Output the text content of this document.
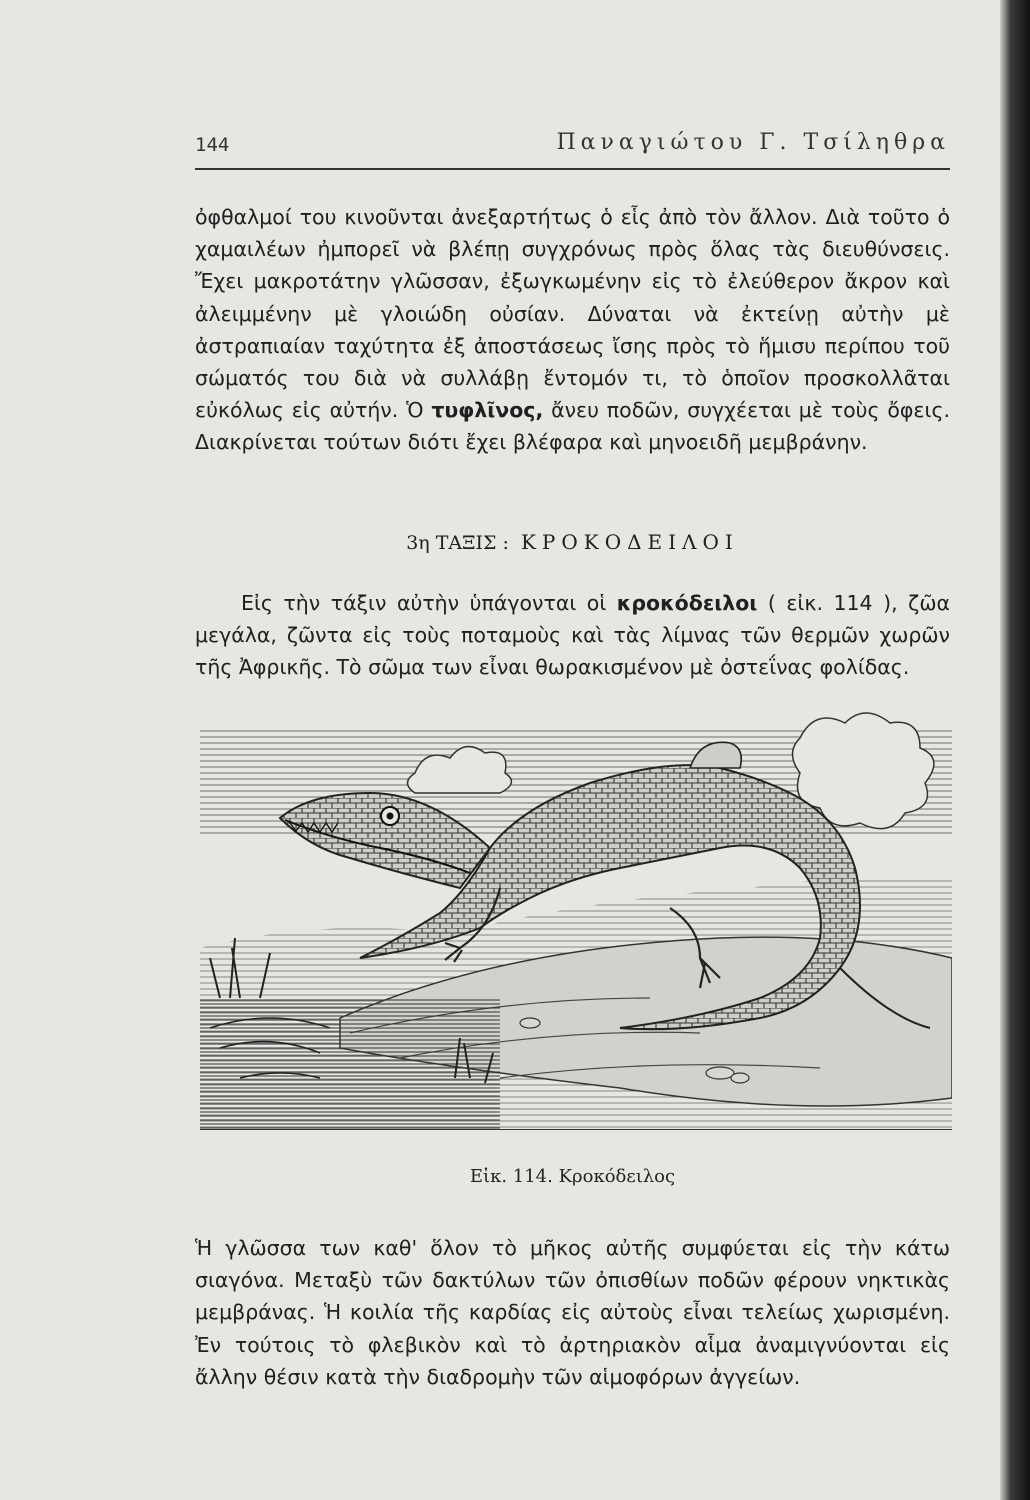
144	Παναγιώτου Γ. Τσίληθρα

ὀφθαλμοί του κινοῦνται ἀνεξαρτήτως ὁ εἷς ἀπὸ τὸν ἄλλον. Διὰ τοῦτο ὁ χαμαιλέων ἠμπορεῖ νὰ βλέπῃ συγχρόνως πρὸς ὅλας τὰς διευθύνσεις. Ἔχει μακροτάτην γλῶσσαν, ἐξωγκωμένην εἰς τὸ ἐλεύθερον ἄκρον καὶ ἀλειμμένην μὲ γλοιώδη οὐσίαν. Δύναται νὰ ἐκτείνῃ αὐτὴν μὲ ἀστραπιαίαν ταχύτητα ἐξ ἀποστάσεως ἴσης πρὸς τὸ ἥμισυ περίπου τοῦ σώματός του διὰ νὰ συλλάβῃ ἔντομόν τι, τὸ ὁποῖον προσκολλᾶται εὐκόλως εἰς αὐτήν. Ὁ τυφλῖνος, ἄνευ ποδῶν, συγχέεται μὲ τοὺς ὄφεις. Διακρίνεται τούτων διότι ἔχει βλέφαρα καὶ μηνοειδῆ μεμβράνην.

3η ΤΑΞΙΣ : ΚΡΟΚΟΔΕΙΛΟΙ

Εἰς τὴν τάξιν αὐτὴν ὑπάγονται οἱ κροκόδειλοι ( εἰκ. 114 ), ζῶα μεγάλα, ζῶντα εἰς τοὺς ποταμοὺς καὶ τὰς λίμνας τῶν θερμῶν χωρῶν τῆς Ἀφρικῆς. Τὸ σῶμα των εἶναι θωρακισμένον μὲ ὀστεΐνας φολίδας.

Εἰκ. 114. Κροκόδειλος

Ἡ γλῶσσα των καθ' ὅλον τὸ μῆκος αὐτῆς συμφύεται εἰς τὴν κάτω σιαγόνα. Μεταξὺ τῶν δακτύλων τῶν ὀπισθίων ποδῶν φέρουν νηκτικὰς μεμβράνας. Ἡ κοιλία τῆς καρδίας εἰς αὐτοὺς εἶναι τελείως χωρισμένη. Ἐν τούτοις τὸ φλεβικὸν καὶ τὸ ἀρτηριακὸν αἷμα ἀναμιγνύονται εἰς ἄλλην θέσιν κατὰ τὴν διαδρομὴν τῶν αἱμοφόρων ἀγγείων.
